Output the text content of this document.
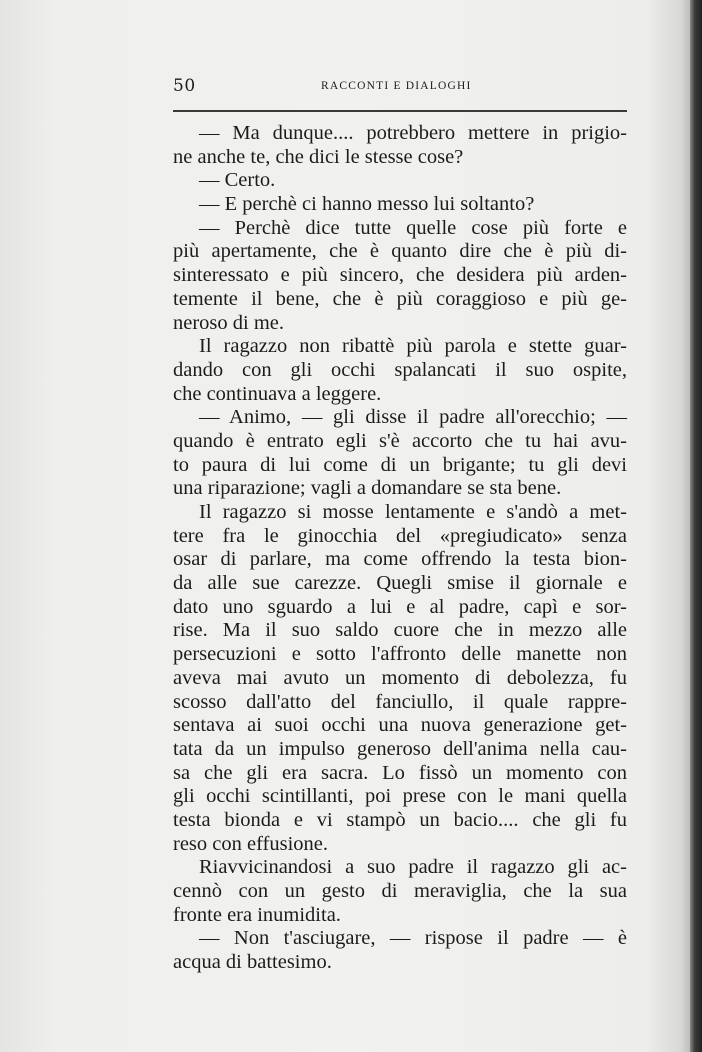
50	RACCONTI E DIALOGHI
— Ma dunque.... potrebbero mettere in prigio-
ne anche te, che dici le stesse cose?
— Certo.
— E perchè ci hanno messo lui soltanto?
— Perchè dice tutte quelle cose più forte e
più apertamente, che è quanto dire che è più di-
sinteressato e più sincero, che desidera più arden-
temente il bene, che è più coraggioso e più ge-
neroso di me.
Il ragazzo non ribattè più parola e stette guar-
dando con gli occhi spalancati il suo ospite,
che continuava a leggere.
— Animo, — gli disse il padre all'orecchio; —
quando è entrato egli s'è accorto che tu hai avu-
to paura di lui come di un brigante; tu gli devi
una riparazione; vagli a domandare se sta bene.
Il ragazzo si mosse lentamente e s'andò a met-
tere fra le ginocchia del «pregiudicato» senza
osar di parlare, ma come offrendo la testa bion-
da alle sue carezze. Quegli smise il giornale e
dato uno sguardo a lui e al padre, capì e sor-
rise. Ma il suo saldo cuore che in mezzo alle
persecuzioni e sotto l'affronto delle manette non
aveva mai avuto un momento di debolezza, fu
scosso dall'atto del fanciullo, il quale rappre-
sentava ai suoi occhi una nuova generazione get-
tata da un impulso generoso dell'anima nella cau-
sa che gli era sacra. Lo fissò un momento con
gli occhi scintillanti, poi prese con le mani quella
testa bionda e vi stampò un bacio.... che gli fu
reso con effusione.
Riavvicinandosi a suo padre il ragazzo gli ac-
cennò con un gesto di meraviglia, che la sua
fronte era inumidita.
— Non t'asciugare, — rispose il padre — è
acqua di battesimo.
